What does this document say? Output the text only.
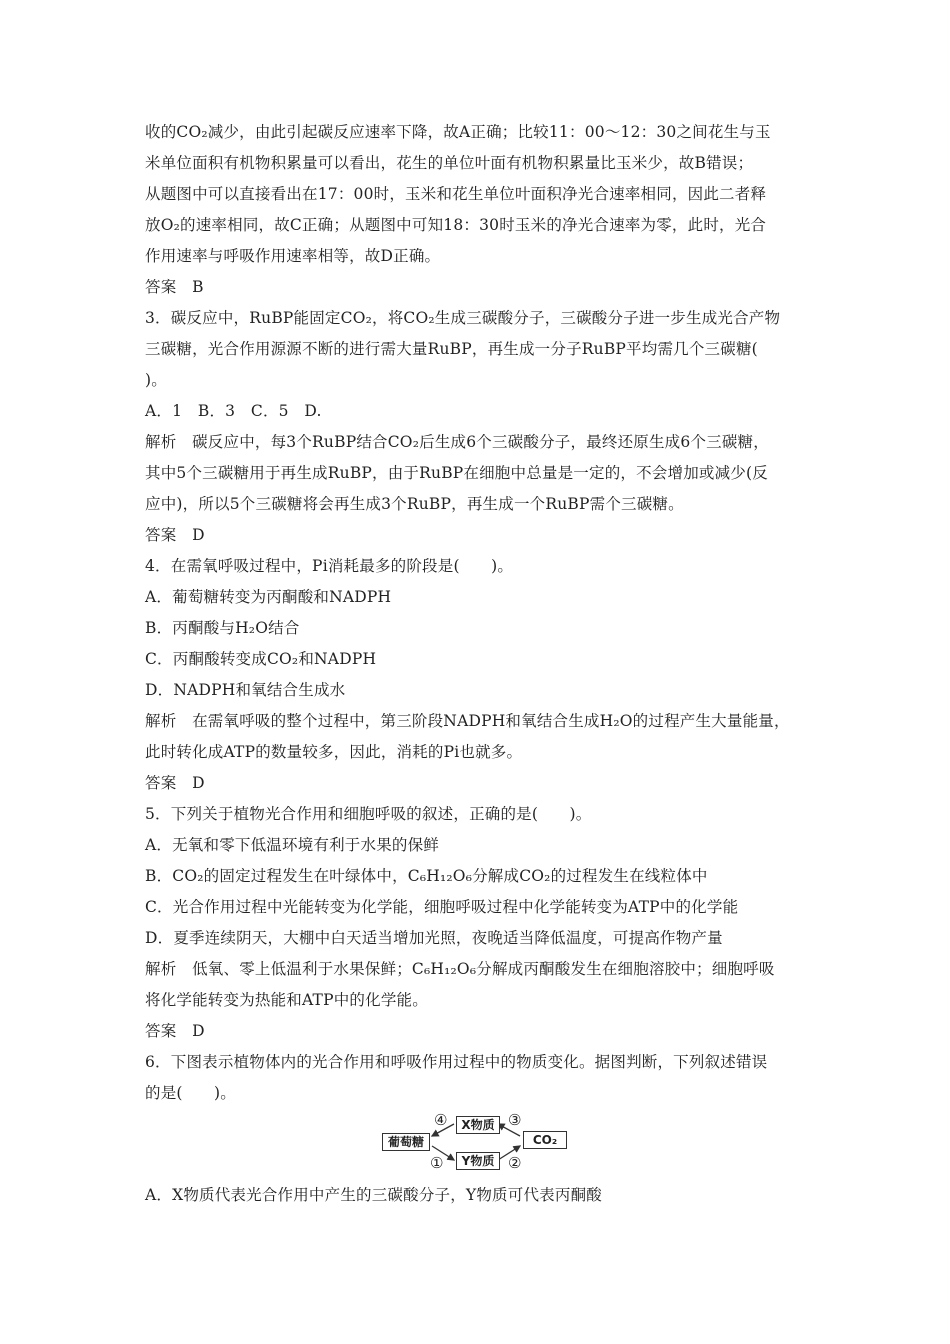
收的CO₂减少，由此引起碳反应速率下降，故A正确；比较11：00～12：30之间花生与玉
米单位面积有机物积累量可以看出，花生的单位叶面有机物积累量比玉米少，故B错误；
从题图中可以直接看出在17：00时，玉米和花生单位叶面积净光合速率相同，因此二者释
放O₂的速率相同，故C正确；从题图中可知18：30时玉米的净光合速率为零，此时，光合
作用速率与呼吸作用速率相等，故D正确。
答案　B
3．碳反应中，RuBP能固定CO₂，将CO₂生成三碳酸分子，三碳酸分子进一步生成光合产物
三碳糖，光合作用源源不断的进行需大量RuBP，再生成一分子RuBP平均需几个三碳糖(
)。
A．1　B．3　C．5　D.
解析　碳反应中，每3个RuBP结合CO₂后生成6个三碳酸分子，最终还原生成6个三碳糖，
其中5个三碳糖用于再生成RuBP，由于RuBP在细胞中总量是一定的，不会增加或减少(反
应中)，所以5个三碳糖将会再生成3个RuBP，再生成一个RuBP需个三碳糖。
答案　D
4．在需氧呼吸过程中，Pi消耗最多的阶段是(　　)。
A．葡萄糖转变为丙酮酸和NADPH
B．丙酮酸与H₂O结合
C．丙酮酸转变成CO₂和NADPH
D．NADPH和氧结合生成水
解析　在需氧呼吸的整个过程中，第三阶段NADPH和氧结合生成H₂O的过程产生大量能量，
此时转化成ATP的数量较多，因此，消耗的Pi也就多。
答案　D
5．下列关于植物光合作用和细胞呼吸的叙述，正确的是(　　)。
A．无氧和零下低温环境有利于水果的保鲜
B．CO₂的固定过程发生在叶绿体中，C₆H₁₂O₆分解成CO₂的过程发生在线粒体中
C．光合作用过程中光能转变为化学能，细胞呼吸过程中化学能转变为ATP中的化学能
D．夏季连续阴天，大棚中白天适当增加光照，夜晚适当降低温度，可提高作物产量
解析　低氧、零上低温利于水果保鲜；C₆H₁₂O₆分解成丙酮酸发生在细胞溶胶中；细胞呼吸
将化学能转变为热能和ATP中的化学能。
答案　D
6．下图表示植物体内的光合作用和呼吸作用过程中的物质变化。据图判断，下列叙述错误
的是(　　)。
葡萄糖
X物质
Y物质
CO₂
①	②
③
④
A．X物质代表光合作用中产生的三碳酸分子，Y物质可代表丙酮酸
